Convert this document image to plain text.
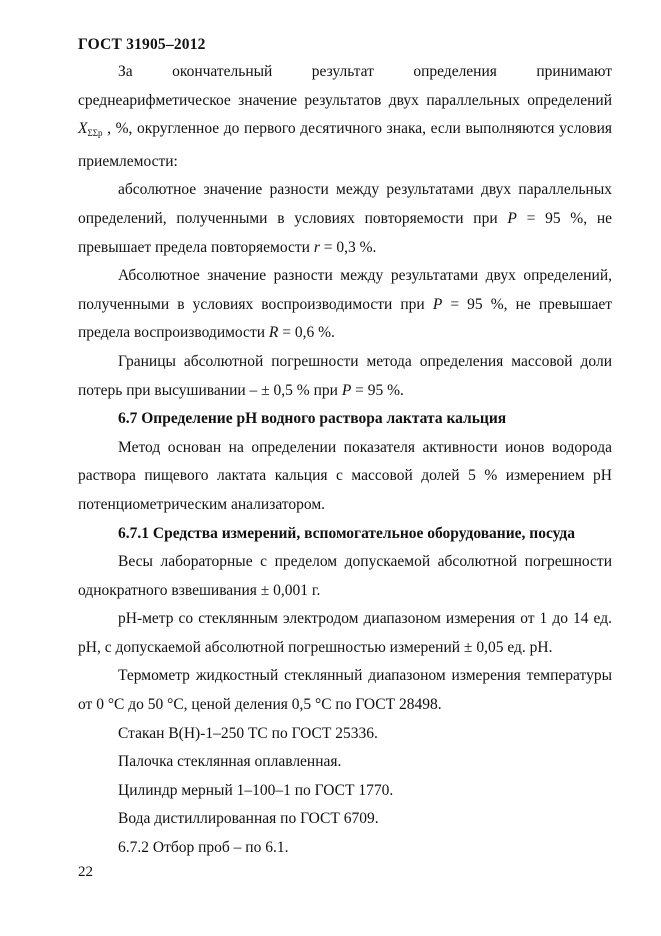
ГОСТ 31905–2012

За окончательный результат определения принимают среднеарифметическое значение результатов двух параллельных определений $X_{\Sigma\Sigma р}$ , %, округленное до первого десятичного знака, если выполняются условия приемлемости:

абсолютное значение разности между результатами двух параллельных определений, полученными в условиях повторяемости при P = 95 %, не превышает предела повторяемости r = 0,3 %.

Абсолютное значение разности между результатами двух определений, полученными в условиях воспроизводимости при P = 95 %, не превышает предела воспроизводимости R = 0,6 %.

Границы абсолютной погрешности метода определения массовой доли потерь при высушивании – ± 0,5 % при P = 95 %.

6.7 Определение pH водного раствора лактата кальция

Метод основан на определении показателя активности ионов водорода раствора пищевого лактата кальция с массовой долей 5 % измерением pH потенциометрическим анализатором.

6.7.1 Средства измерений, вспомогательное оборудование, посуда

Весы лабораторные с пределом допускаемой абсолютной погрешности однократного взвешивания ± 0,001 г.

pH-метр со стеклянным электродом диапазоном измерения от 1 до 14 ед. pH, с допускаемой абсолютной погрешностью измерений ± 0,05 ед. pH.

Термометр жидкостный стеклянный диапазоном измерения температуры от 0 °С до 50 °С, ценой деления 0,5 °С по ГОСТ 28498.

Стакан В(Н)-1–250 ТС по ГОСТ 25336.

Палочка стеклянная оплавленная.

Цилиндр мерный 1–100–1 по ГОСТ 1770.

Вода дистиллированная по ГОСТ 6709.

6.7.2 Отбор проб – по 6.1.

22
